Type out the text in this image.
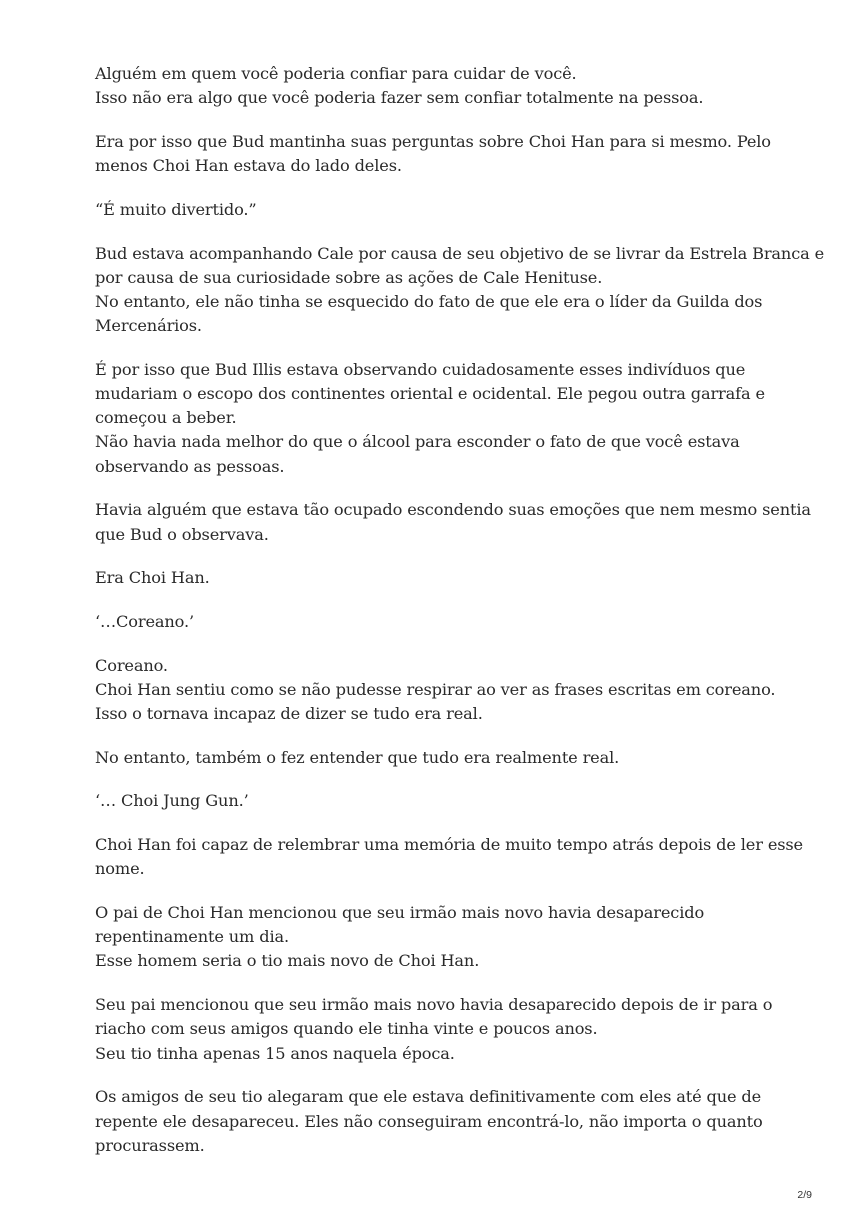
Alguém em quem você poderia confiar para cuidar de você.
Isso não era algo que você poderia fazer sem confiar totalmente na pessoa.

Era por isso que Bud mantinha suas perguntas sobre Choi Han para si mesmo. Pelo
menos Choi Han estava do lado deles.

“É muito divertido.”

Bud estava acompanhando Cale por causa de seu objetivo de se livrar da Estrela Branca e
por causa de sua curiosidade sobre as ações de Cale Henituse.
No entanto, ele não tinha se esquecido do fato de que ele era o líder da Guilda dos
Mercenários.

É por isso que Bud Illis estava observando cuidadosamente esses indivíduos que
mudariam o escopo dos continentes oriental e ocidental. Ele pegou outra garrafa e
começou a beber.
Não havia nada melhor do que o álcool para esconder o fato de que você estava
observando as pessoas.

Havia alguém que estava tão ocupado escondendo suas emoções que nem mesmo sentia
que Bud o observava.

Era Choi Han.

‘…Coreano.’

Coreano.
Choi Han sentiu como se não pudesse respirar ao ver as frases escritas em coreano.
Isso o tornava incapaz de dizer se tudo era real.

No entanto, também o fez entender que tudo era realmente real.

‘… Choi Jung Gun.’

Choi Han foi capaz de relembrar uma memória de muito tempo atrás depois de ler esse
nome.

O pai de Choi Han mencionou que seu irmão mais novo havia desaparecido
repentinamente um dia.
Esse homem seria o tio mais novo de Choi Han.

Seu pai mencionou que seu irmão mais novo havia desaparecido depois de ir para o
riacho com seus amigos quando ele tinha vinte e poucos anos.
Seu tio tinha apenas 15 anos naquela época.

Os amigos de seu tio alegaram que ele estava definitivamente com eles até que de
repente ele desapareceu. Eles não conseguiram encontrá-lo, não importa o quanto
procurassem.

2/9
